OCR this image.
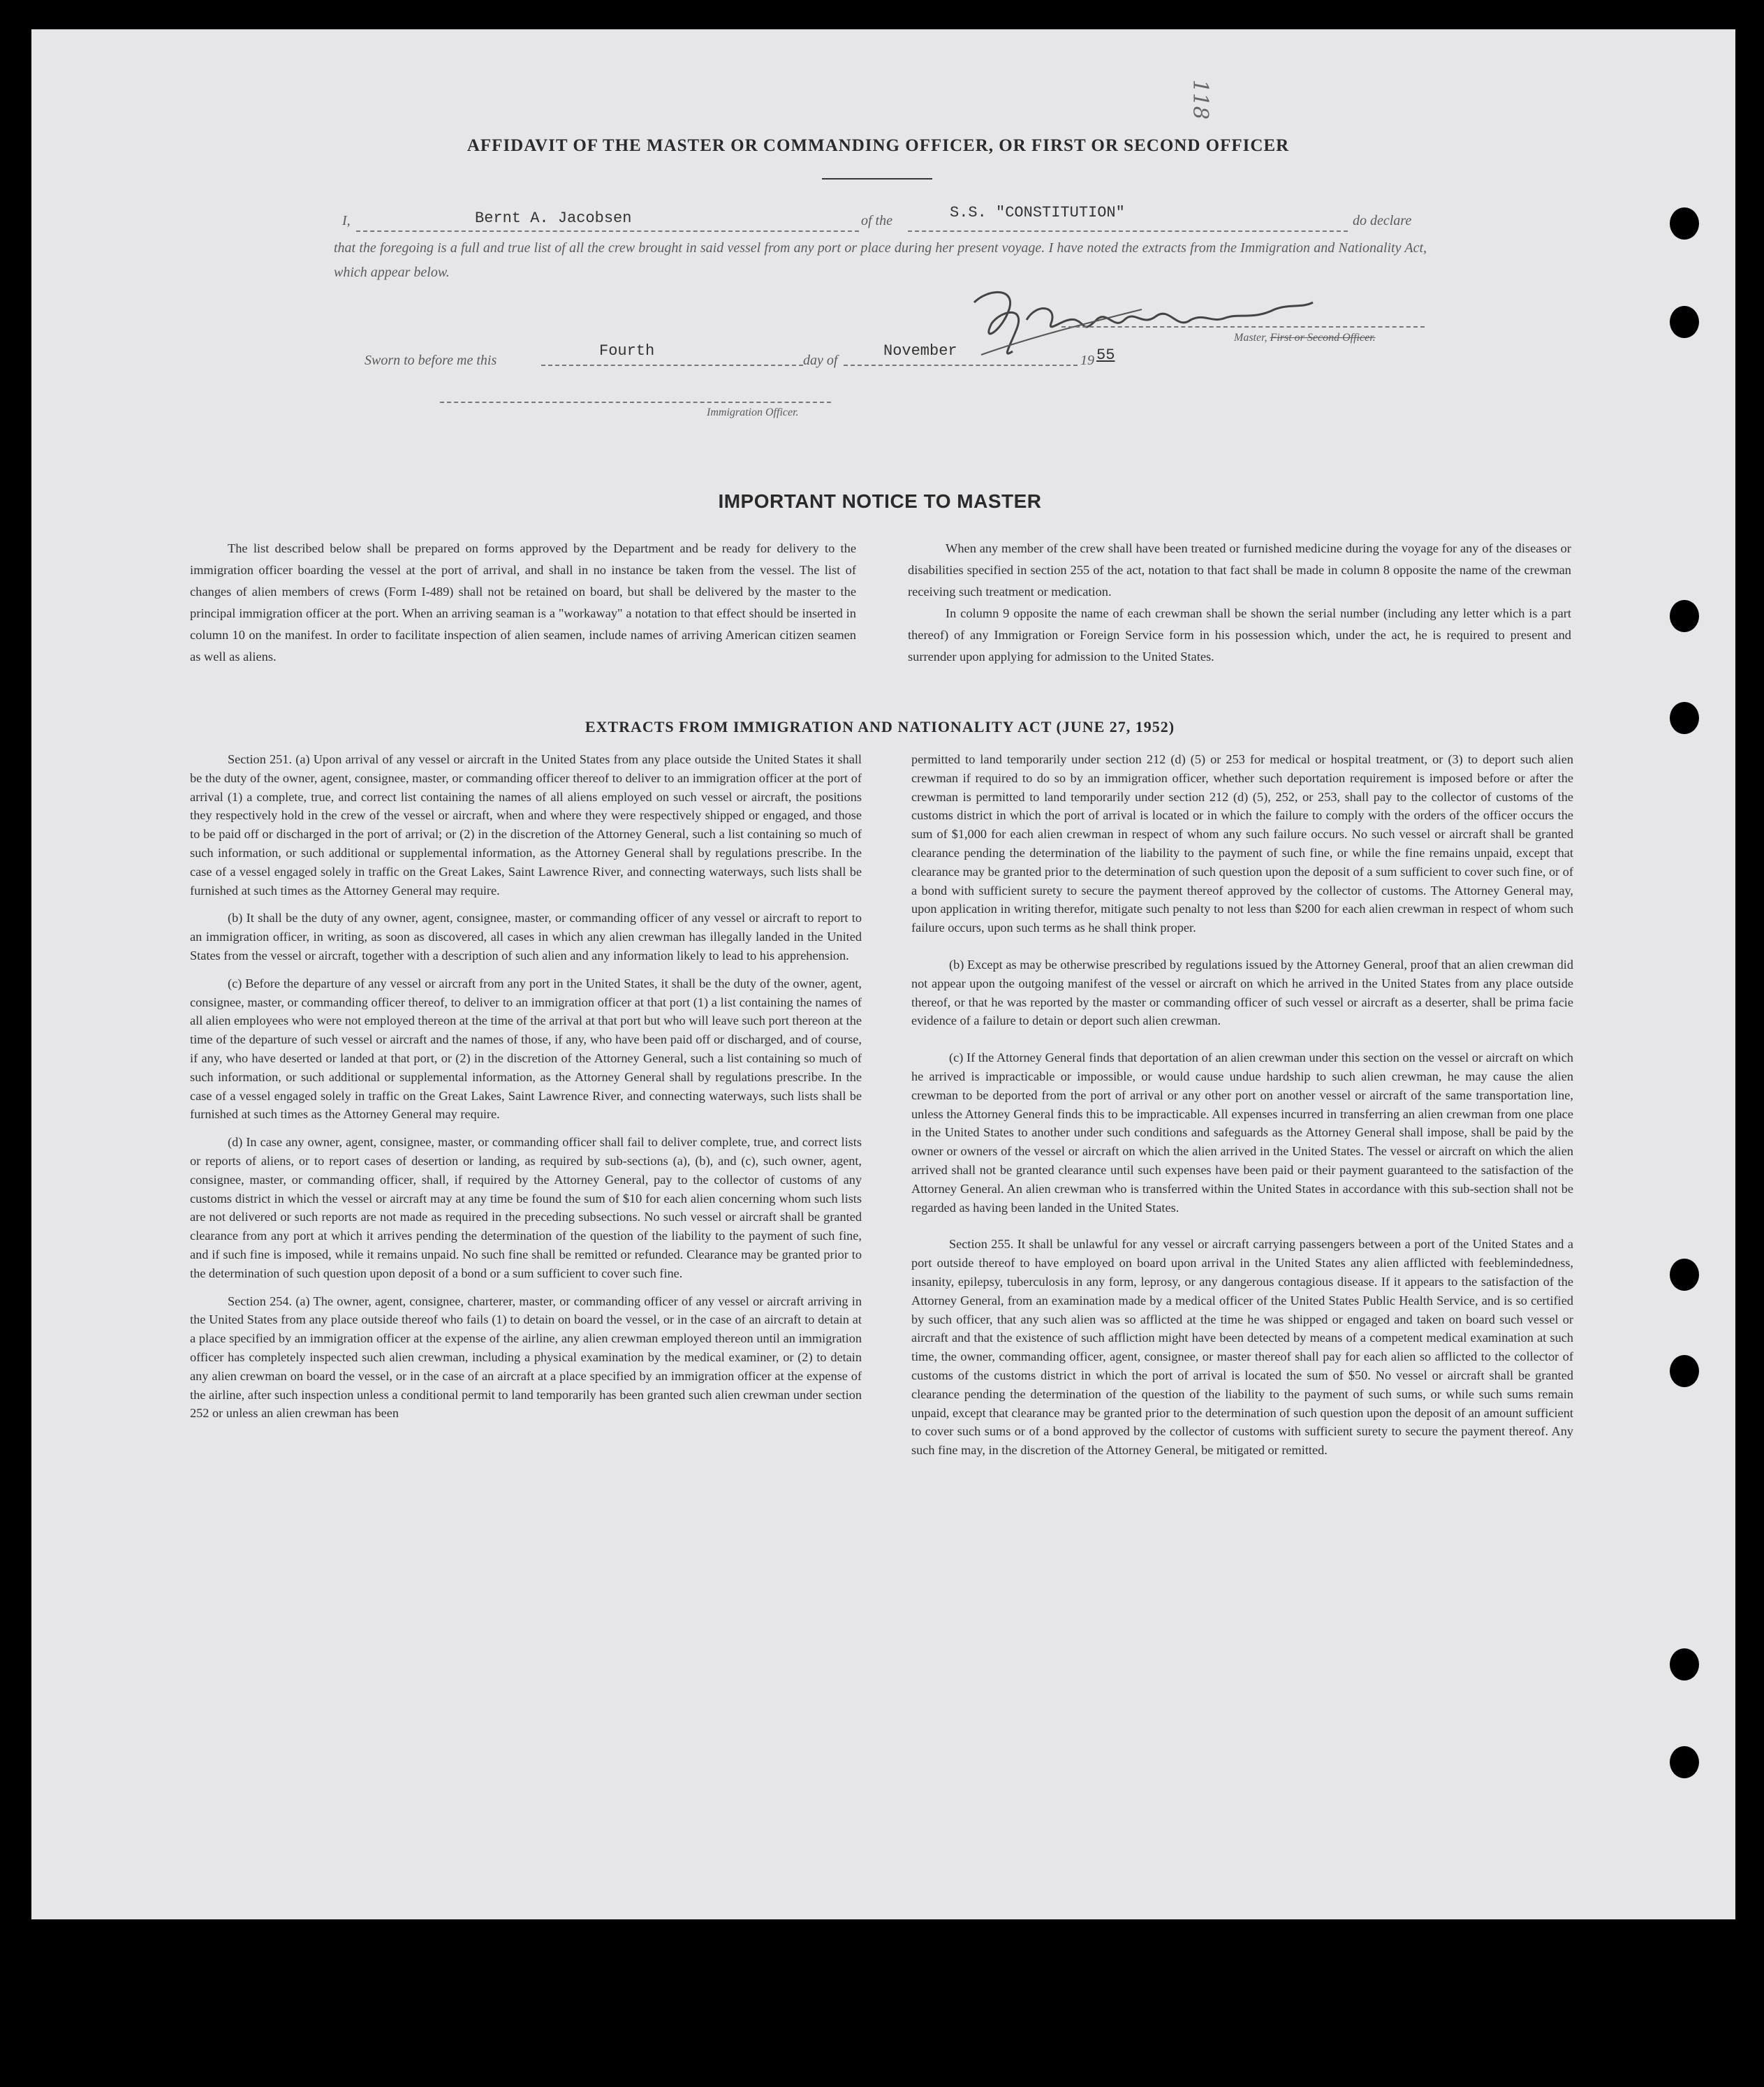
118
AFFIDAVIT OF THE MASTER OR COMMANDING OFFICER, OR FIRST OR SECOND OFFICER
I,	Bernt A. Jacobsen	of the	S.S. "CONSTITUTION"	do declare
that the foregoing is a full and true list of all the crew brought in said vessel from any port or place during her present voyage. I have noted the extracts from the Immigration and Nationality Act, which appear below.
Master, First or Second Officer.
Sworn to before me this
Fourth
day of
November
19 55
Immigration Officer.
IMPORTANT NOTICE TO MASTER

The list described below shall be prepared on forms approved by the Department and be ready for delivery to the immigration officer boarding the vessel at the port of arrival, and shall in no instance be taken from the vessel. The list of changes of alien members of crews (Form I-489) shall not be retained on board, but shall be delivered by the master to the principal immigration officer at the port. When an arriving seaman is a "workaway" a notation to that effect should be inserted in column 10 on the manifest. In order to facilitate inspection of alien seamen, include names of arriving American citizen seamen as well as aliens.

When any member of the crew shall have been treated or furnished medicine during the voyage for any of the diseases or disabilities specified in section 255 of the act, notation to that fact shall be made in column 8 opposite the name of the crewman receiving such treatment or medication.

In column 9 opposite the name of each crewman shall be shown the serial number (including any letter which is a part thereof) of any Immigration or Foreign Service form in his possession which, under the act, he is required to present and surrender upon applying for admission to the United States.

EXTRACTS FROM IMMIGRATION AND NATIONALITY ACT (JUNE 27, 1952)

Section 251. (a) Upon arrival of any vessel or aircraft in the United States from any place outside the United States it shall be the duty of the owner, agent, consignee, master, or commanding officer thereof to deliver to an immigration officer at the port of arrival (1) a complete, true, and correct list containing the names of all aliens employed on such vessel or aircraft, the positions they respectively hold in the crew of the vessel or aircraft, when and where they were respectively shipped or engaged, and those to be paid off or discharged in the port of arrival; or (2) in the discretion of the Attorney General, such a list containing so much of such information, or such additional or supplemental information, as the Attorney General shall by regulations prescribe. In the case of a vessel engaged solely in traffic on the Great Lakes, Saint Lawrence River, and connecting waterways, such lists shall be furnished at such times as the Attorney General may require.

(b) It shall be the duty of any owner, agent, consignee, master, or commanding officer of any vessel or aircraft to report to an immigration officer, in writing, as soon as discovered, all cases in which any alien crewman has illegally landed in the United States from the vessel or aircraft, together with a description of such alien and any information likely to lead to his apprehension.

(c) Before the departure of any vessel or aircraft from any port in the United States, it shall be the duty of the owner, agent, consignee, master, or commanding officer thereof, to deliver to an immigration officer at that port (1) a list containing the names of all alien employees who were not employed thereon at the time of the arrival at that port but who will leave such port thereon at the time of the departure of such vessel or aircraft and the names of those, if any, who have been paid off or discharged, and of course, if any, who have deserted or landed at that port, or (2) in the discretion of the Attorney General, such a list containing so much of such information, or such additional or supplemental information, as the Attorney General shall by regulations prescribe. In the case of a vessel engaged solely in traffic on the Great Lakes, Saint Lawrence River, and connecting waterways, such lists shall be furnished at such times as the Attorney General may require.

(d) In case any owner, agent, consignee, master, or commanding officer shall fail to deliver complete, true, and correct lists or reports of aliens, or to report cases of desertion or landing, as required by sub-sections (a), (b), and (c), such owner, agent, consignee, master, or commanding officer, shall, if required by the Attorney General, pay to the collector of customs of any customs district in which the vessel or aircraft may at any time be found the sum of $10 for each alien concerning whom such lists are not delivered or such reports are not made as required in the preceding subsections. No such vessel or aircraft shall be granted clearance from any port at which it arrives pending the determination of the question of the liability to the payment of such fine, and if such fine is imposed, while it remains unpaid. No such fine shall be remitted or refunded. Clearance may be granted prior to the determination of such question upon deposit of a bond or a sum sufficient to cover such fine.

Section 254. (a) The owner, agent, consignee, charterer, master, or commanding officer of any vessel or aircraft arriving in the United States from any place outside thereof who fails (1) to detain on board the vessel, or in the case of an aircraft to detain at a place specified by an immigration officer at the expense of the airline, any alien crewman employed thereon until an immigration officer has completely inspected such alien crewman, including a physical examination by the medical examiner, or (2) to detain any alien crewman on board the vessel, or in the case of an aircraft at a place specified by an immigration officer at the expense of the airline, after such inspection unless a conditional permit to land temporarily has been granted such alien crewman under section 252 or unless an alien crewman has been

permitted to land temporarily under section 212 (d) (5) or 253 for medical or hospital treatment, or (3) to deport such alien crewman if required to do so by an immigration officer, whether such deportation requirement is imposed before or after the crewman is permitted to land temporarily under section 212 (d) (5), 252, or 253, shall pay to the collector of customs of the customs district in which the port of arrival is located or in which the failure to comply with the orders of the officer occurs the sum of $1,000 for each alien crewman in respect of whom any such failure occurs. No such vessel or aircraft shall be granted clearance pending the determination of the liability to the payment of such fine, or while the fine remains unpaid, except that clearance may be granted prior to the determination of such question upon the deposit of a sum sufficient to cover such fine, or of a bond with sufficient surety to secure the payment thereof approved by the collector of customs. The Attorney General may, upon application in writing therefor, mitigate such penalty to not less than $200 for each alien crewman in respect of whom such failure occurs, upon such terms as he shall think proper.

(b) Except as may be otherwise prescribed by regulations issued by the Attorney General, proof that an alien crewman did not appear upon the outgoing manifest of the vessel or aircraft on which he arrived in the United States from any place outside thereof, or that he was reported by the master or commanding officer of such vessel or aircraft as a deserter, shall be prima facie evidence of a failure to detain or deport such alien crewman.

(c) If the Attorney General finds that deportation of an alien crewman under this section on the vessel or aircraft on which he arrived is impracticable or impossible, or would cause undue hardship to such alien crewman, he may cause the alien crewman to be deported from the port of arrival or any other port on another vessel or aircraft of the same transportation line, unless the Attorney General finds this to be impracticable. All expenses incurred in transferring an alien crewman from one place in the United States to another under such conditions and safeguards as the Attorney General shall impose, shall be paid by the owner or owners of the vessel or aircraft on which the alien arrived in the United States. The vessel or aircraft on which the alien arrived shall not be granted clearance until such expenses have been paid or their payment guaranteed to the satisfaction of the Attorney General. An alien crewman who is transferred within the United States in accordance with this sub-section shall not be regarded as having been landed in the United States.

Section 255. It shall be unlawful for any vessel or aircraft carrying passengers between a port of the United States and a port outside thereof to have employed on board upon arrival in the United States any alien afflicted with feeblemindedness, insanity, epilepsy, tuberculosis in any form, leprosy, or any dangerous contagious disease. If it appears to the satisfaction of the Attorney General, from an examination made by a medical officer of the United States Public Health Service, and is so certified by such officer, that any such alien was so afflicted at the time he was shipped or engaged and taken on board such vessel or aircraft and that the existence of such affliction might have been detected by means of a competent medical examination at such time, the owner, commanding officer, agent, consignee, or master thereof shall pay for each alien so afflicted to the collector of customs of the customs district in which the port of arrival is located the sum of $50. No vessel or aircraft shall be granted clearance pending the determination of the question of the liability to the payment of such sums, or while such sums remain unpaid, except that clearance may be granted prior to the determination of such question upon the deposit of an amount sufficient to cover such sums or of a bond approved by the collector of customs with sufficient surety to secure the payment thereof. Any such fine may, in the discretion of the Attorney General, be mitigated or remitted.
